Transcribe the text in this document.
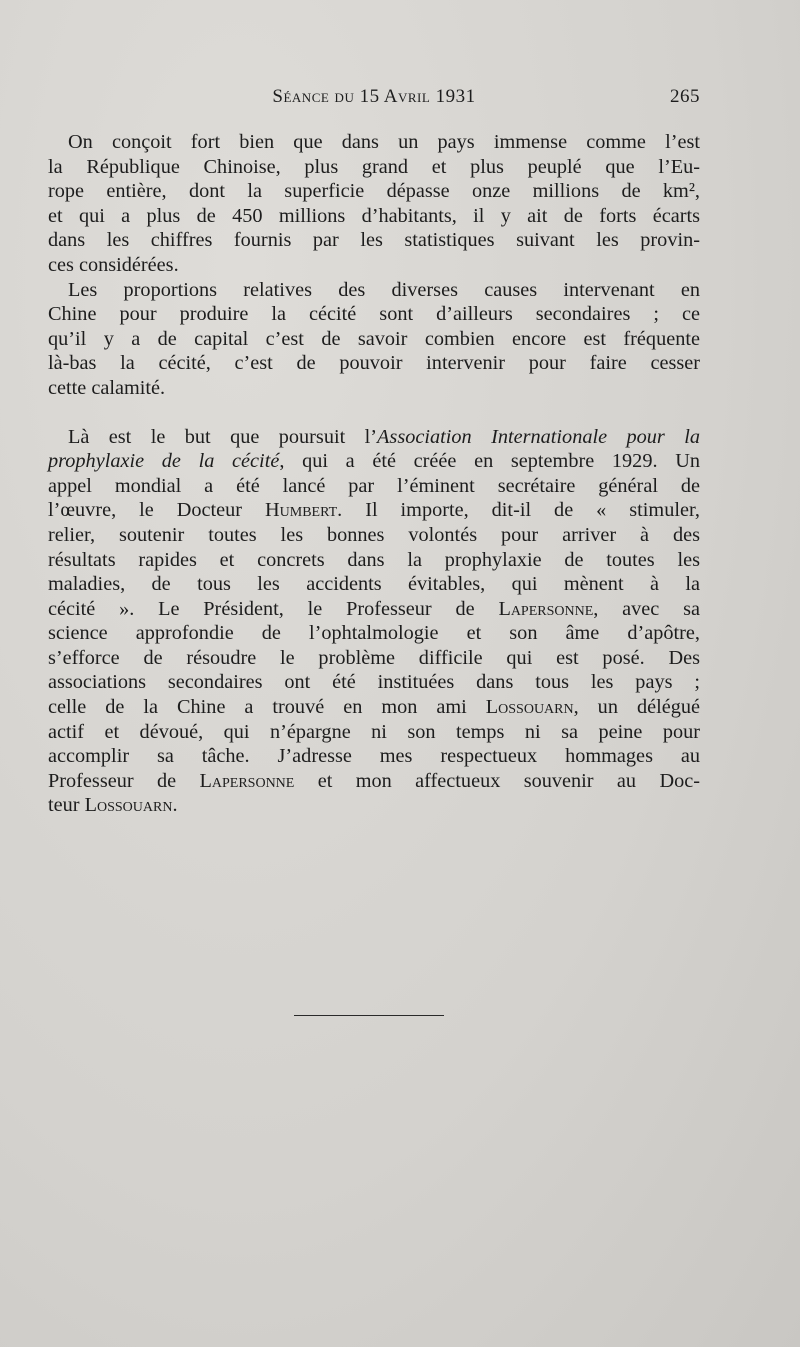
Séance du 15 Avril 1931	265
On conçoit fort bien que dans un pays immense comme l’est
la République Chinoise, plus grand et plus peuplé que l’Eu-
rope entière, dont la superficie dépasse onze millions de km²,
et qui a plus de 450 millions d’habitants, il y ait de forts écarts
dans les chiffres fournis par les statistiques suivant les provin-
ces considérées.
Les proportions relatives des diverses causes intervenant en
Chine pour produire la cécité sont d’ailleurs secondaires ; ce
qu’il y a de capital c’est de savoir combien encore est fréquente
là-bas la cécité, c’est de pouvoir intervenir pour faire cesser
cette calamité.
Là est le but que poursuit l’Association Internationale pour la
prophylaxie de la cécité, qui a été créée en septembre 1929. Un
appel mondial a été lancé par l’éminent secrétaire général de
l’œuvre, le Docteur Humbert. Il importe, dit-il de « stimuler,
relier, soutenir toutes les bonnes volontés pour arriver à des
résultats rapides et concrets dans la prophylaxie de toutes les
maladies, de tous les accidents évitables, qui mènent à la
cécité ». Le Président, le Professeur de Lapersonne, avec sa
science approfondie de l’ophtalmologie et son âme d’apôtre,
s’efforce de résoudre le problème difficile qui est posé. Des
associations secondaires ont été instituées dans tous les pays ;
celle de la Chine a trouvé en mon ami Lossouarn, un délégué
actif et dévoué, qui n’épargne ni son temps ni sa peine pour
accomplir sa tâche. J’adresse mes respectueux hommages au
Professeur de Lapersonne et mon affectueux souvenir au Doc-
teur Lossouarn.
